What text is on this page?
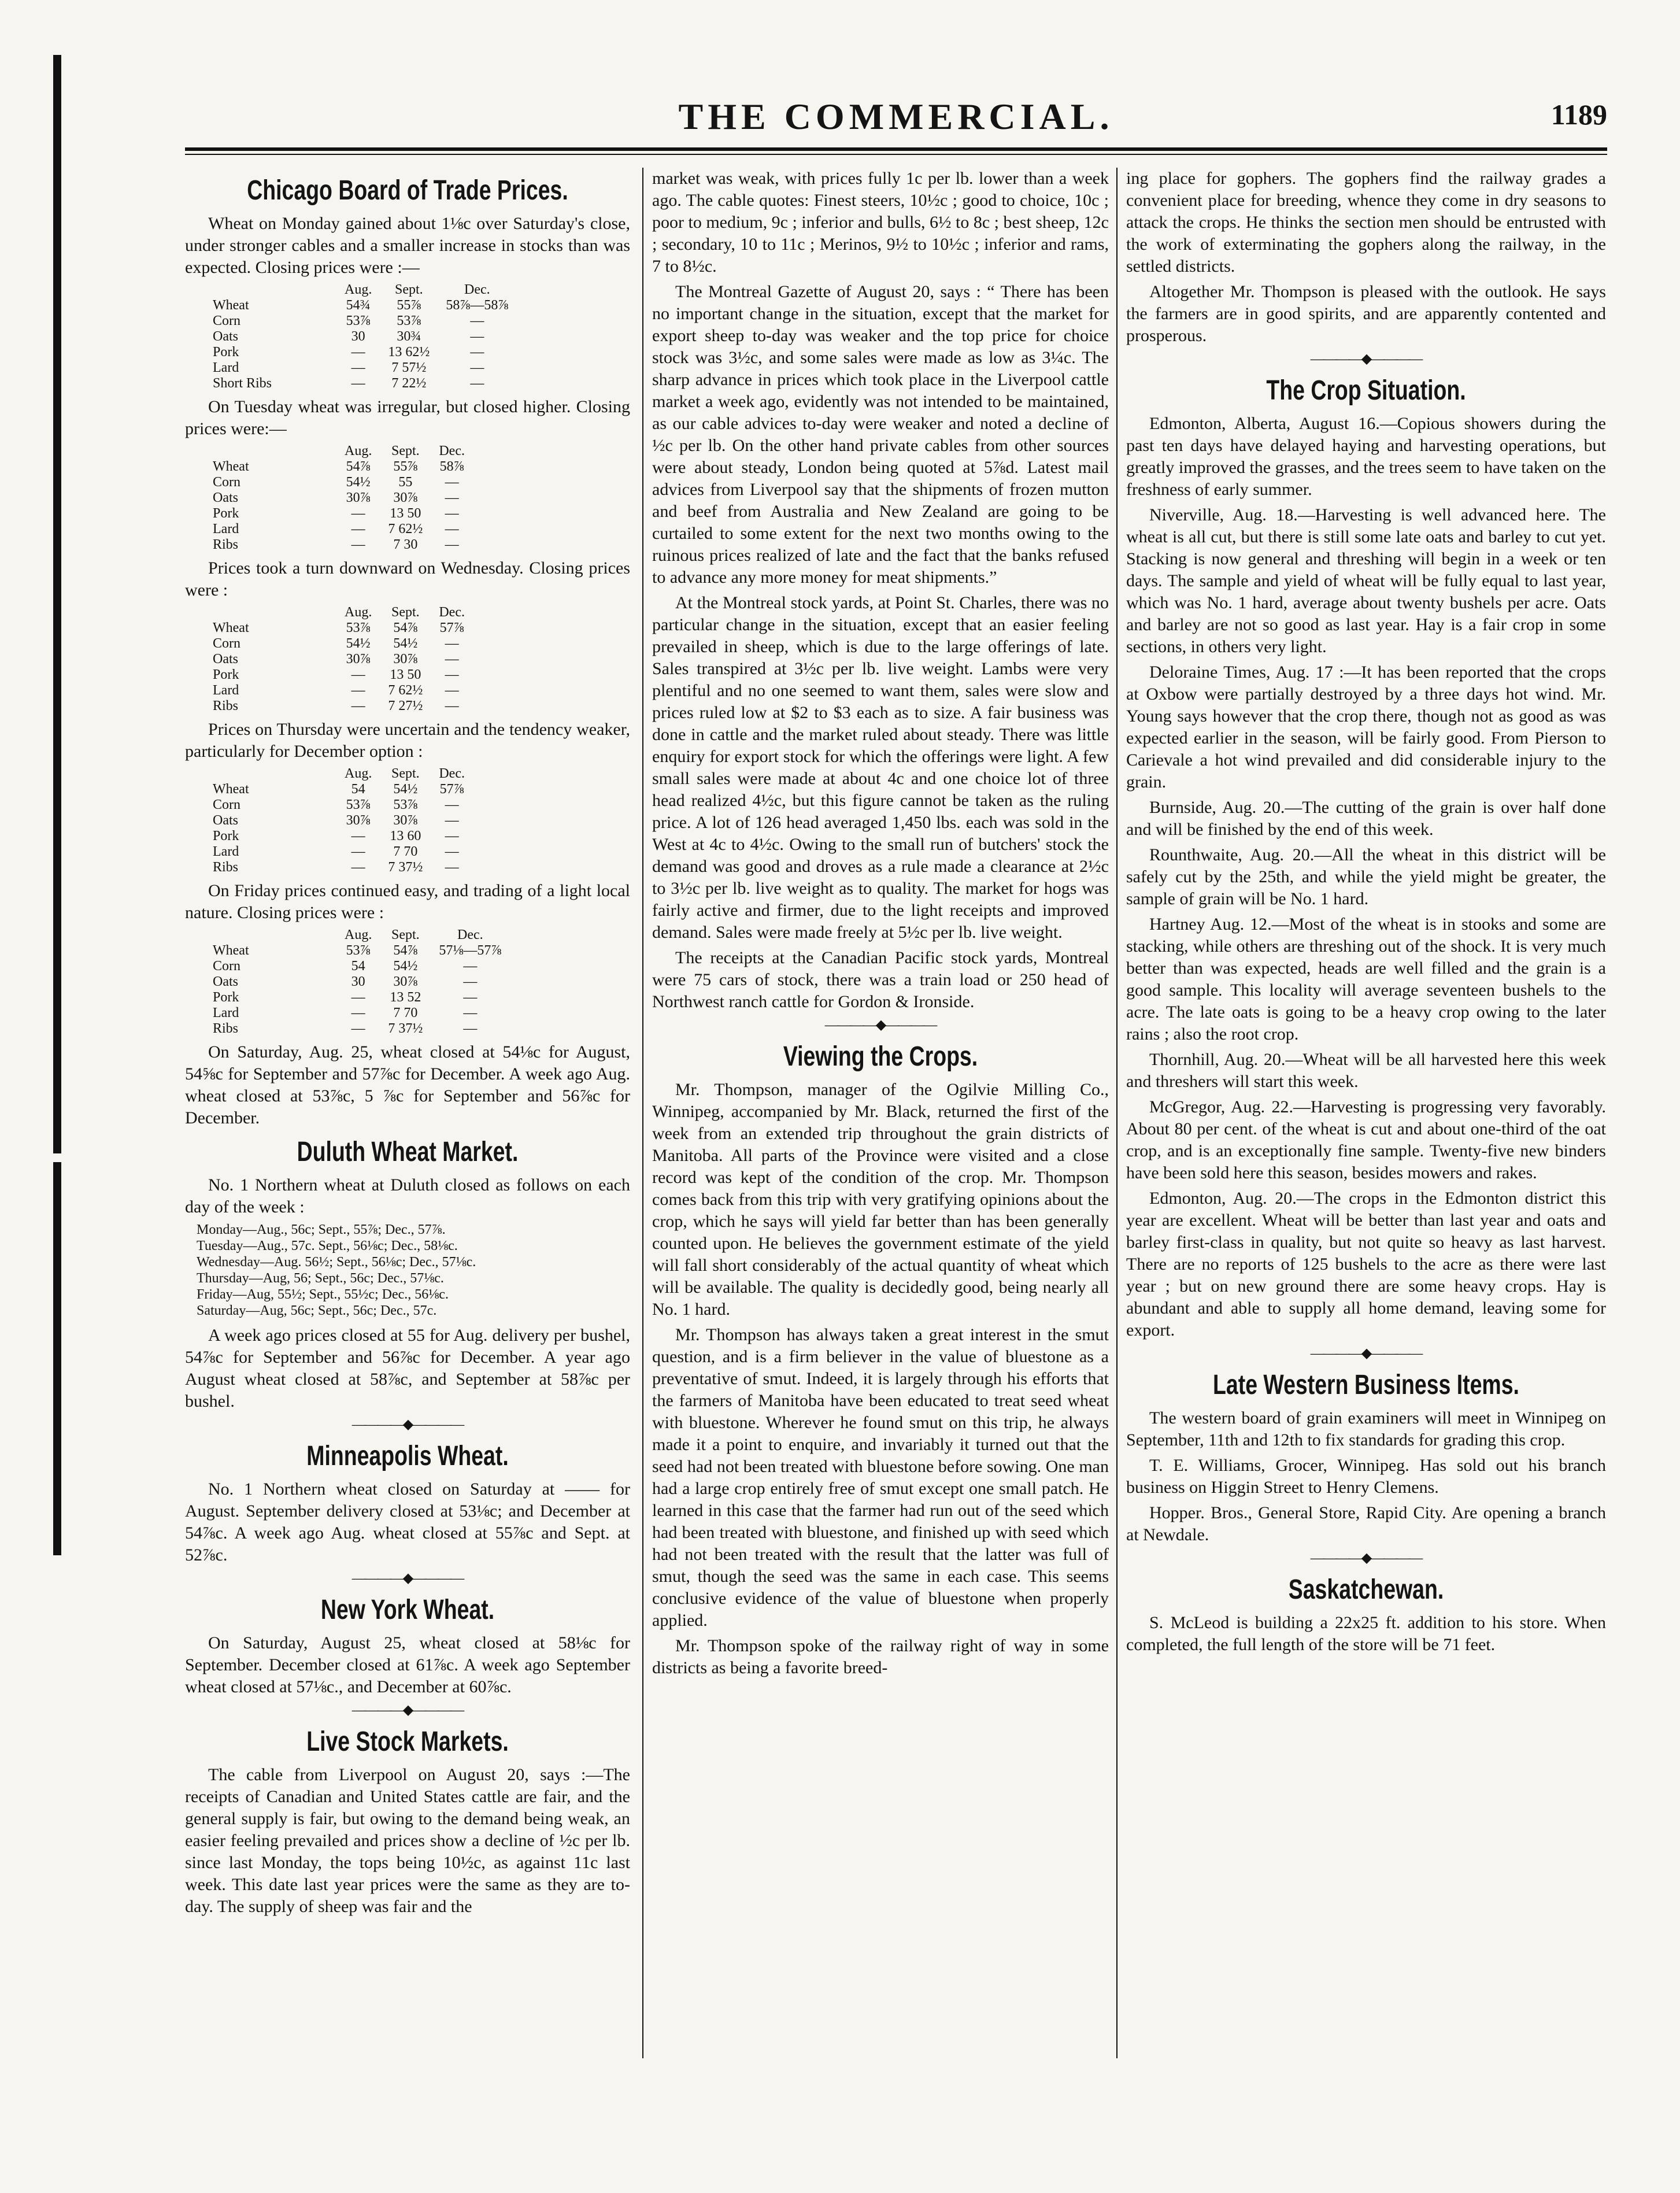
THE COMMERCIAL.	1189
Chicago Board of Trade Prices.

Wheat on Monday gained about 1⅛c over Saturday's close, under stronger cables and a smaller increase in stocks than was expected. Closing prices were :—

	Aug.	Sept.	Dec.
Wheat	54¾	55⅞	58⅞—58⅞
Corn	53⅞	53⅞	—
Oats	30	30¾	—
Pork	—	13 62½	—
Lard	—	7 57½	—
Short Ribs	—	7 22½	—

On Tuesday wheat was irregular, but closed higher. Closing prices were:—

	Aug.	Sept.	Dec.
Wheat	54⅞	55⅞	58⅞
Corn	54½	55	—
Oats	30⅞	30⅞	—
Pork	—	13 50	—
Lard	—	7 62½	—
Ribs	—	7 30	—

Prices took a turn downward on Wednesday. Closing prices were :

	Aug.	Sept.	Dec.
Wheat	53⅞	54⅞	57⅞
Corn	54½	54½	—
Oats	30⅞	30⅞	—
Pork	—	13 50	—
Lard	—	7 62½	—
Ribs	—	7 27½	—

Prices on Thursday were uncertain and the tendency weaker, particularly for December option :

	Aug.	Sept.	Dec.
Wheat	54	54½	57⅞
Corn	53⅞	53⅞	—
Oats	30⅞	30⅞	—
Pork	—	13 60	—
Lard	—	7 70	—
Ribs	—	7 37½	—

On Friday prices continued easy, and trading of a light local nature. Closing prices were :

	Aug.	Sept.	Dec.
Wheat	53⅞	54⅞	57⅛—57⅞
Corn	54	54½	—
Oats	30	30⅞	—
Pork	—	13 52	—
Lard	—	7 70	—
Ribs	—	7 37½	—

On Saturday, Aug. 25, wheat closed at 54⅛c for August, 54⅝c for September and 57⅞c for December. A week ago Aug. wheat closed at 53⅞c, 5 ⅞c for September and 56⅞c for December.

Duluth Wheat Market.

No. 1 Northern wheat at Duluth closed as follows on each day of the week :

Monday—Aug., 56c; Sept., 55⅞; Dec., 57⅞.
Tuesday—Aug., 57c. Sept., 56⅛c; Dec., 58⅛c.
Wednesday—Aug. 56½; Sept., 56⅛c; Dec., 57⅛c.
Thursday—Aug, 56; Sept., 56c; Dec., 57⅛c.
Friday—Aug, 55½; Sept., 55½c; Dec., 56⅛c.
Saturday—Aug, 56c; Sept., 56c; Dec., 57c.

A week ago prices closed at 55 for Aug. delivery per bushel, 54⅞c for September and 56⅞c for December. A year ago August wheat closed at 58⅞c, and September at 58⅞c per bushel.

————◆————
Minneapolis Wheat.

No. 1 Northern wheat closed on Saturday at —— for August. September delivery closed at 53⅛c; and December at 54⅞c. A week ago Aug. wheat closed at 55⅞c and Sept. at 52⅞c.

————◆————
New York Wheat.

On Saturday, August 25, wheat closed at 58⅛c for September. December closed at 61⅞c. A week ago September wheat closed at 57⅛c., and December at 60⅞c.

————◆————
Live Stock Markets.

The cable from Liverpool on August 20, says :—The receipts of Canadian and United States cattle are fair, and the general supply is fair, but owing to the demand being weak, an easier feeling prevailed and prices show a decline of ½c per lb. since last Monday, the tops being 10½c, as against 11c last week. This date last year prices were the same as they are to-day. The supply of sheep was fair and the

market was weak, with prices fully 1c per lb. lower than a week ago. The cable quotes: Finest steers, 10½c ; good to choice, 10c ; poor to medium, 9c ; inferior and bulls, 6½ to 8c ; best sheep, 12c ; secondary, 10 to 11c ; Merinos, 9½ to 10½c ; inferior and rams, 7 to 8½c.

The Montreal Gazette of August 20, says : “ There has been no important change in the situation, except that the market for export sheep to-day was weaker and the top price for choice stock was 3½c, and some sales were made as low as 3¼c. The sharp advance in prices which took place in the Liverpool cattle market a week ago, evidently was not intended to be maintained, as our cable advices to-day were weaker and noted a decline of ½c per lb. On the other hand private cables from other sources were about steady, London being quoted at 5⅞d. Latest mail advices from Liverpool say that the shipments of frozen mutton and beef from Australia and New Zealand are going to be curtailed to some extent for the next two months owing to the ruinous prices realized of late and the fact that the banks refused to advance any more money for meat shipments.”

At the Montreal stock yards, at Point St. Charles, there was no particular change in the situation, except that an easier feeling prevailed in sheep, which is due to the large offerings of late. Sales transpired at 3½c per lb. live weight. Lambs were very plentiful and no one seemed to want them, sales were slow and prices ruled low at $2 to $3 each as to size. A fair business was done in cattle and the market ruled about steady. There was little enquiry for export stock for which the offerings were light. A few small sales were made at about 4c and one choice lot of three head realized 4½c, but this figure cannot be taken as the ruling price. A lot of 126 head averaged 1,450 lbs. each was sold in the West at 4c to 4½c. Owing to the small run of butchers' stock the demand was good and droves as a rule made a clearance at 2½c to 3½c per lb. live weight as to quality. The market for hogs was fairly active and firmer, due to the light receipts and improved demand. Sales were made freely at 5½c per lb. live weight.

The receipts at the Canadian Pacific stock yards, Montreal were 75 cars of stock, there was a train load or 250 head of Northwest ranch cattle for Gordon & Ironside.

————◆————
Viewing the Crops.

Mr. Thompson, manager of the Ogilvie Milling Co., Winnipeg, accompanied by Mr. Black, returned the first of the week from an extended trip throughout the grain districts of Manitoba. All parts of the Province were visited and a close record was kept of the condition of the crop. Mr. Thompson comes back from this trip with very gratifying opinions about the crop, which he says will yield far better than has been generally counted upon. He believes the government estimate of the yield will fall short considerably of the actual quantity of wheat which will be available. The quality is decidedly good, being nearly all No. 1 hard.

Mr. Thompson has always taken a great interest in the smut question, and is a firm believer in the value of bluestone as a preventative of smut. Indeed, it is largely through his efforts that the farmers of Manitoba have been educated to treat seed wheat with bluestone. Wherever he found smut on this trip, he always made it a point to enquire, and invariably it turned out that the seed had not been treated with bluestone before sowing. One man had a large crop entirely free of smut except one small patch. He learned in this case that the farmer had run out of the seed which had been treated with bluestone, and finished up with seed which had not been treated with the result that the latter was full of smut, though the seed was the same in each case. This seems conclusive evidence of the value of bluestone when properly applied.

Mr. Thompson spoke of the railway right of way in some districts as being a favorite breed-

ing place for gophers. The gophers find the railway grades a convenient place for breeding, whence they come in dry seasons to attack the crops. He thinks the section men should be entrusted with the work of exterminating the gophers along the railway, in the settled districts.

Altogether Mr. Thompson is pleased with the outlook. He says the farmers are in good spirits, and are apparently contented and prosperous.

————◆————
The Crop Situation.

Edmonton, Alberta, August 16.—Copious showers during the past ten days have delayed haying and harvesting operations, but greatly improved the grasses, and the trees seem to have taken on the freshness of early summer.

Niverville, Aug. 18.—Harvesting is well advanced here. The wheat is all cut, but there is still some late oats and barley to cut yet. Stacking is now general and threshing will begin in a week or ten days. The sample and yield of wheat will be fully equal to last year, which was No. 1 hard, average about twenty bushels per acre. Oats and barley are not so good as last year. Hay is a fair crop in some sections, in others very light.

Deloraine Times, Aug. 17 :—It has been reported that the crops at Oxbow were partially destroyed by a three days hot wind. Mr. Young says however that the crop there, though not as good as was expected earlier in the season, will be fairly good. From Pierson to Carievale a hot wind prevailed and did considerable injury to the grain.

Burnside, Aug. 20.—The cutting of the grain is over half done and will be finished by the end of this week.

Rounthwaite, Aug. 20.—All the wheat in this district will be safely cut by the 25th, and while the yield might be greater, the sample of grain will be No. 1 hard.

Hartney Aug. 12.—Most of the wheat is in stooks and some are stacking, while others are threshing out of the shock. It is very much better than was expected, heads are well filled and the grain is a good sample. This locality will average seventeen bushels to the acre. The late oats is going to be a heavy crop owing to the later rains ; also the root crop.

Thornhill, Aug. 20.—Wheat will be all harvested here this week and threshers will start this week.

McGregor, Aug. 22.—Harvesting is progressing very favorably. About 80 per cent. of the wheat is cut and about one-third of the oat crop, and is an exceptionally fine sample. Twenty-five new binders have been sold here this season, besides mowers and rakes.

Edmonton, Aug. 20.—The crops in the Edmonton district this year are excellent. Wheat will be better than last year and oats and barley first-class in quality, but not quite so heavy as last harvest. There are no reports of 125 bushels to the acre as there were last year ; but on new ground there are some heavy crops. Hay is abundant and able to supply all home demand, leaving some for export.

————◆————
Late Western Business Items.

The western board of grain examiners will meet in Winnipeg on September, 11th and 12th to fix standards for grading this crop.

T. E. Williams, Grocer, Winnipeg. Has sold out his branch business on Higgin Street to Henry Clemens.

Hopper. Bros., General Store, Rapid City. Are opening a branch at Newdale.

————◆————
Saskatchewan.

S. McLeod is building a 22x25 ft. addition to his store. When completed, the full length of the store will be 71 feet.
